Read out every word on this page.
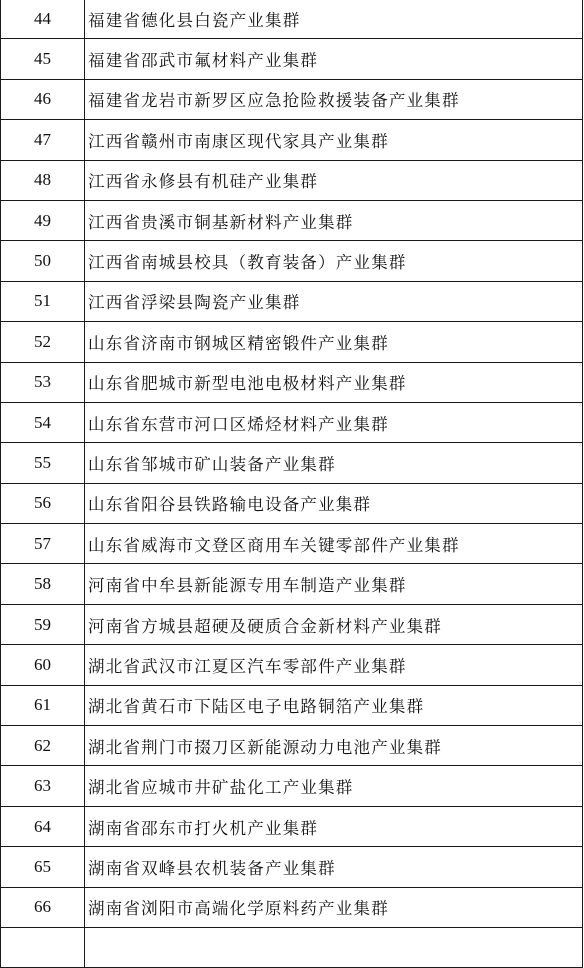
44	福建省德化县白瓷产业集群
45	福建省邵武市氟材料产业集群
46	福建省龙岩市新罗区应急抢险救援装备产业集群
47	江西省赣州市南康区现代家具产业集群
48	江西省永修县有机硅产业集群
49	江西省贵溪市铜基新材料产业集群
50	江西省南城县校具（教育装备）产业集群
51	江西省浮梁县陶瓷产业集群
52	山东省济南市钢城区精密锻件产业集群
53	山东省肥城市新型电池电极材料产业集群
54	山东省东营市河口区烯烃材料产业集群
55	山东省邹城市矿山装备产业集群
56	山东省阳谷县铁路输电设备产业集群
57	山东省威海市文登区商用车关键零部件产业集群
58	河南省中牟县新能源专用车制造产业集群
59	河南省方城县超硬及硬质合金新材料产业集群
60	湖北省武汉市江夏区汽车零部件产业集群
61	湖北省黄石市下陆区电子电路铜箔产业集群
62	湖北省荆门市掇刀区新能源动力电池产业集群
63	湖北省应城市井矿盐化工产业集群
64	湖南省邵东市打火机产业集群
65	湖南省双峰县农机装备产业集群
66	湖南省浏阳市高端化学原料药产业集群
